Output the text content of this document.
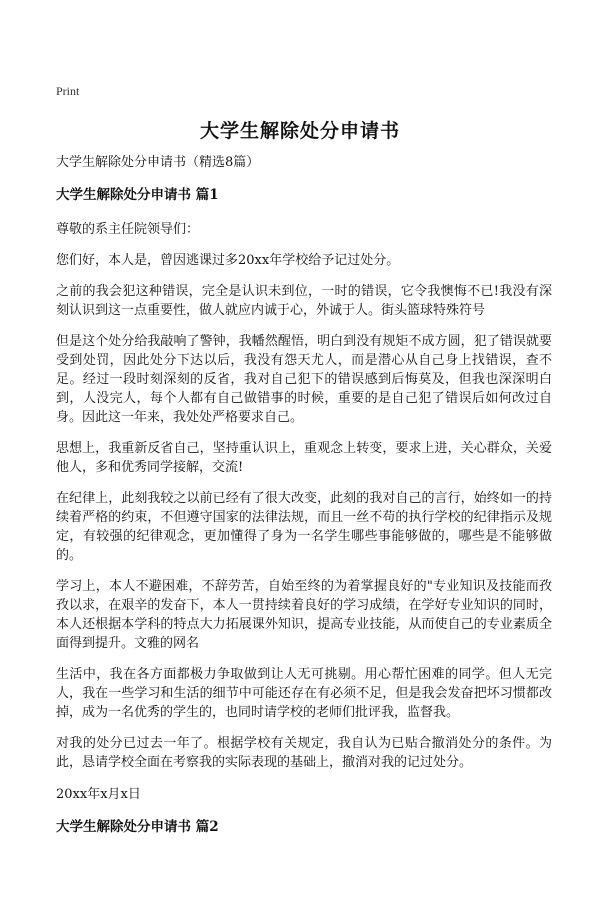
Print
大学生解除处分申请书
大学生解除处分申请书（精选8篇）
大学生解除处分申请书 篇1

尊敬的系主任院领导们：

您们好，本人是，曾因逃课过多20xx年学校给予记过处分。

之前的我会犯这种错误，完全是认识未到位，一时的错误，它令我懊悔不已!我没有深刻认识到这一点重要性，做人就应内诚于心，外诚于人。街头篮球特殊符号

但是这个处分给我敲响了警钟，我幡然醒悟，明白到没有规矩不成方圆，犯了错误就要受到处罚，因此处分下达以后，我没有怨天尤人，而是潜心从自己身上找错误，查不足。经过一段时刻深刻的反省，我对自己犯下的错误感到后悔莫及，但我也深深明白到，人没完人，每个人都有自己做错事的时候，重要的是自己犯了错误后如何改过自身。因此这一年来，我处处严格要求自己。

思想上，我重新反省自己，坚持重认识上，重观念上转变，要求上进，关心群众，关爱他人，多和优秀同学接解，交流!

在纪律上，此刻我较之以前已经有了很大改变，此刻的我对自己的言行，始终如一的持续着严格的约束，不但遵守国家的法律法规，而且一丝不苟的执行学校的纪律指示及规定，有较强的纪律观念，更加懂得了身为一名学生哪些事能够做的，哪些是不能够做的。

学习上，本人不避困难，不辞劳苦，自始至终的为着掌握良好的"专业知识及技能而孜孜以求，在艰辛的发奋下，本人一贯持续着良好的学习成绩，在学好专业知识的同时，本人还根据本学科的特点大力拓展课外知识，提高专业技能，从而使自己的专业素质全面得到提升。文雅的网名

生活中，我在各方面都极力争取做到让人无可挑剔。用心帮忙困难的同学。但人无完人，我在一些学习和生活的细节中可能还存在有必须不足，但是我会发奋把坏习惯都改掉，成为一名优秀的学生的，也同时请学校的老师们批评我，监督我。

对我的处分已过去一年了。根据学校有关规定，我自认为已贴合撤消处分的条件。为此，恳请学校全面在考察我的实际表现的基础上，撤消对我的记过处分。

20xx年x月x日
大学生解除处分申请书 篇2
